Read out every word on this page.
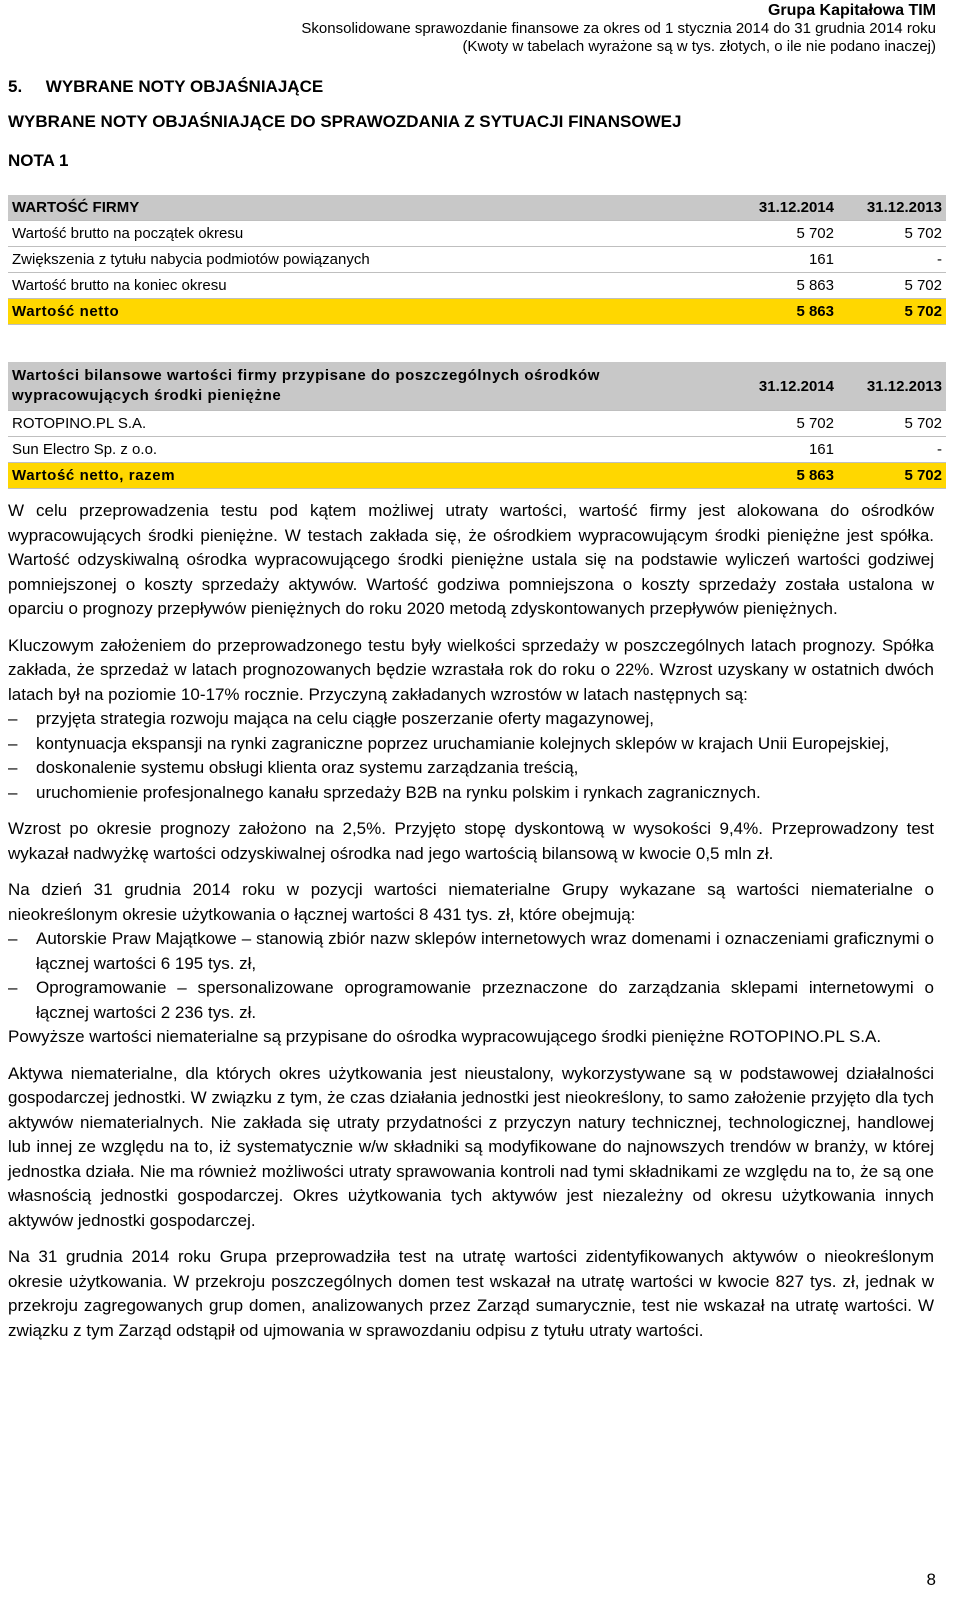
Grupa Kapitałowa TIM
Skonsolidowane sprawozdanie finansowe za okres od 1 stycznia 2014 do 31 grudnia 2014 roku
(Kwoty w tabelach wyrażone są w tys. złotych, o ile nie podano inaczej)
5.     WYBRANE NOTY OBJAŚNIAJĄCE
WYBRANE NOTY OBJAŚNIAJĄCE DO SPRAWOZDANIA Z SYTUACJI FINANSOWEJ
NOTA 1
WARTOŚĆ FIRMY	31.12.2014	31.12.2013
Wartość brutto na początek okresu	5 702	5 702
Zwiększenia z tytułu nabycia podmiotów powiązanych	161	-
Wartość brutto na koniec okresu	5 863	5 702
Wartość netto	5 863	5 702
Wartości bilansowe wartości firmy przypisane do poszczególnych ośrodków wypracowujących środki pieniężne	31.12.2014	31.12.2013
ROTOPINO.PL S.A.	5 702	5 702
Sun Electro Sp. z o.o.	161	-
Wartość netto, razem	5 863	5 702

W celu przeprowadzenia testu pod kątem możliwej utraty wartości, wartość firmy jest alokowana do ośrodków wypracowujących środki pieniężne. W testach zakłada się, że ośrodkiem wypracowującym środki pieniężne jest spółka. Wartość odzyskiwalną ośrodka wypracowującego środki pieniężne ustala się na podstawie wyliczeń wartości godziwej pomniejszonej o koszty sprzedaży aktywów. Wartość godziwa pomniejszona o koszty sprzedaży została ustalona w oparciu o prognozy przepływów pieniężnych do roku 2020 metodą zdyskontowanych przepływów pieniężnych.

Kluczowym założeniem do przeprowadzonego testu były wielkości sprzedaży w poszczególnych latach prognozy. Spółka zakłada, że sprzedaż w latach prognozowanych będzie wzrastała rok do roku o 22%. Wzrost uzyskany w ostatnich dwóch latach był na poziomie 10-17% rocznie. Przyczyną zakładanych wzrostów w latach następnych są:

– przyjęta strategia rozwoju mająca na celu ciągłe poszerzanie oferty magazynowej,
– kontynuacja ekspansji na rynki zagraniczne poprzez uruchamianie kolejnych sklepów w krajach Unii Europejskiej,
– doskonalenie systemu obsługi klienta oraz systemu zarządzania treścią,
– uruchomienie profesjonalnego kanału sprzedaży B2B na rynku polskim i rynkach zagranicznych.

Wzrost po okresie prognozy założono na 2,5%. Przyjęto stopę dyskontową w wysokości 9,4%. Przeprowadzony test wykazał nadwyżkę wartości odzyskiwalnej ośrodka nad jego wartością bilansową w kwocie 0,5 mln zł.

Na dzień 31 grudnia 2014 roku w pozycji wartości niematerialne Grupy wykazane są wartości niematerialne o nieokreślonym okresie użytkowania o łącznej wartości 8 431 tys. zł, które obejmują:

– Autorskie Praw Majątkowe – stanowią zbiór nazw sklepów internetowych wraz domenami i oznaczeniami graficznymi o łącznej wartości 6 195 tys. zł,
– Oprogramowanie – spersonalizowane oprogramowanie przeznaczone do zarządzania sklepami internetowymi o łącznej wartości 2 236 tys. zł.

Powyższe wartości niematerialne są przypisane do ośrodka wypracowującego środki pieniężne ROTOPINO.PL S.A.

Aktywa niematerialne, dla których okres użytkowania jest nieustalony, wykorzystywane są w podstawowej działalności gospodarczej jednostki. W związku z tym, że czas działania jednostki jest nieokreślony, to samo założenie przyjęto dla tych aktywów niematerialnych. Nie zakłada się utraty przydatności z przyczyn natury technicznej, technologicznej, handlowej lub innej ze względu na to, iż systematycznie w/w składniki są modyfikowane do najnowszych trendów w branży, w której jednostka działa. Nie ma również możliwości utraty sprawowania kontroli nad tymi składnikami ze względu na to, że są one własnością jednostki gospodarczej. Okres użytkowania tych aktywów jest niezależny od okresu użytkowania innych aktywów jednostki gospodarczej.

Na 31 grudnia 2014 roku Grupa przeprowadziła test na utratę wartości zidentyfikowanych aktywów o nieokreślonym okresie użytkowania. W przekroju poszczególnych domen test wskazał na utratę wartości w kwocie 827 tys. zł, jednak w przekroju zagregowanych grup domen, analizowanych przez Zarząd sumarycznie, test nie wskazał na utratę wartości. W związku z tym Zarząd odstąpił od ujmowania w sprawozdaniu odpisu z tytułu utraty wartości.

8
